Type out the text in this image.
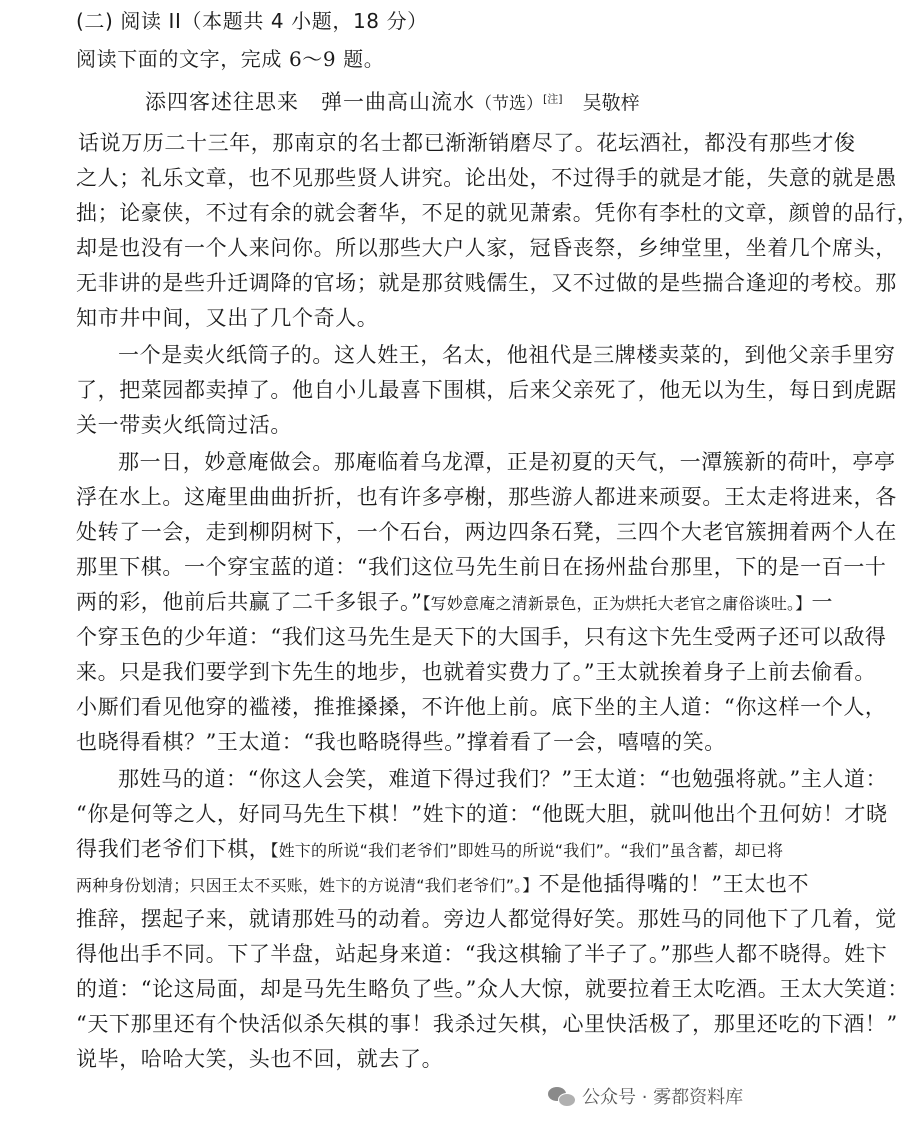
(二) 阅读 II（本题共 4 小题，18 分）

阅读下面的文字，完成 6～9 题。

添四客述往思来　弹一曲高山流水（节选）[注] 吴敬梓

话说万历二十三年，那南京的名士都已渐渐销磨尽了。花坛酒社，都没有那些才俊

之人；礼乐文章，也不见那些贤人讲究。论出处，不过得手的就是才能，失意的就是愚

拙；论豪侠，不过有余的就会奢华，不足的就见萧索。凭你有李杜的文章，颜曾的品行，

却是也没有一个人来问你。所以那些大户人家，冠昏丧祭，乡绅堂里，坐着几个席头，

无非讲的是些升迁调降的官场；就是那贫贱儒生，又不过做的是些揣合逢迎的考校。那

知市井中间，又出了几个奇人。

一个是卖火纸筒子的。这人姓王，名太，他祖代是三牌楼卖菜的，到他父亲手里穷

了，把菜园都卖掉了。他自小儿最喜下围棋，后来父亲死了，他无以为生，每日到虎踞

关一带卖火纸筒过活。

那一日，妙意庵做会。那庵临着乌龙潭，正是初夏的天气，一潭簇新的荷叶，亭亭

浮在水上。这庵里曲曲折折，也有许多亭榭，那些游人都进来顽耍。王太走将进来，各

处转了一会，走到柳阴树下，一个石台，两边四条石凳，三四个大老官簇拥着两个人在

那里下棋。一个穿宝蓝的道：“我们这位马先生前日在扬州盐台那里，下的是一百一十

两的彩，他前后共赢了二千多银子。”【写妙意庵之清新景色，正为烘托大老官之庸俗谈吐。】一

个穿玉色的少年道：“我们这马先生是天下的大国手，只有这卞先生受两子还可以敌得

来。只是我们要学到卞先生的地步，也就着实费力了。”王太就挨着身子上前去偷看。

小厮们看见他穿的褴褛，推推搡搡，不许他上前。底下坐的主人道：“你这样一个人，

也晓得看棋？”王太道：“我也略晓得些。”撑着看了一会，嘻嘻的笑。

那姓马的道：“你这人会笑，难道下得过我们？”王太道：“也勉强将就。”主人道：

“你是何等之人，好同马先生下棋！”姓卞的道：“他既大胆，就叫他出个丑何妨！才晓

得我们老爷们下棋，【姓卞的所说“我们老爷们”即姓马的所说“我们”。“我们”虽含蓄，却已将

两种身份划清；只因王太不买账，姓卞的方说清“我们老爷们”。】不是他插得嘴的！”王太也不

推辞，摆起子来，就请那姓马的动着。旁边人都觉得好笑。那姓马的同他下了几着，觉

得他出手不同。下了半盘，站起身来道：“我这棋输了半子了。”那些人都不晓得。姓卞

的道：“论这局面，却是马先生略负了些。”众人大惊，就要拉着王太吃酒。王太大笑道：

“天下那里还有个快活似杀矢棋的事！我杀过矢棋，心里快活极了，那里还吃的下酒！”

说毕，哈哈大笑，头也不回，就去了。

公众号 · 雾都资料库
